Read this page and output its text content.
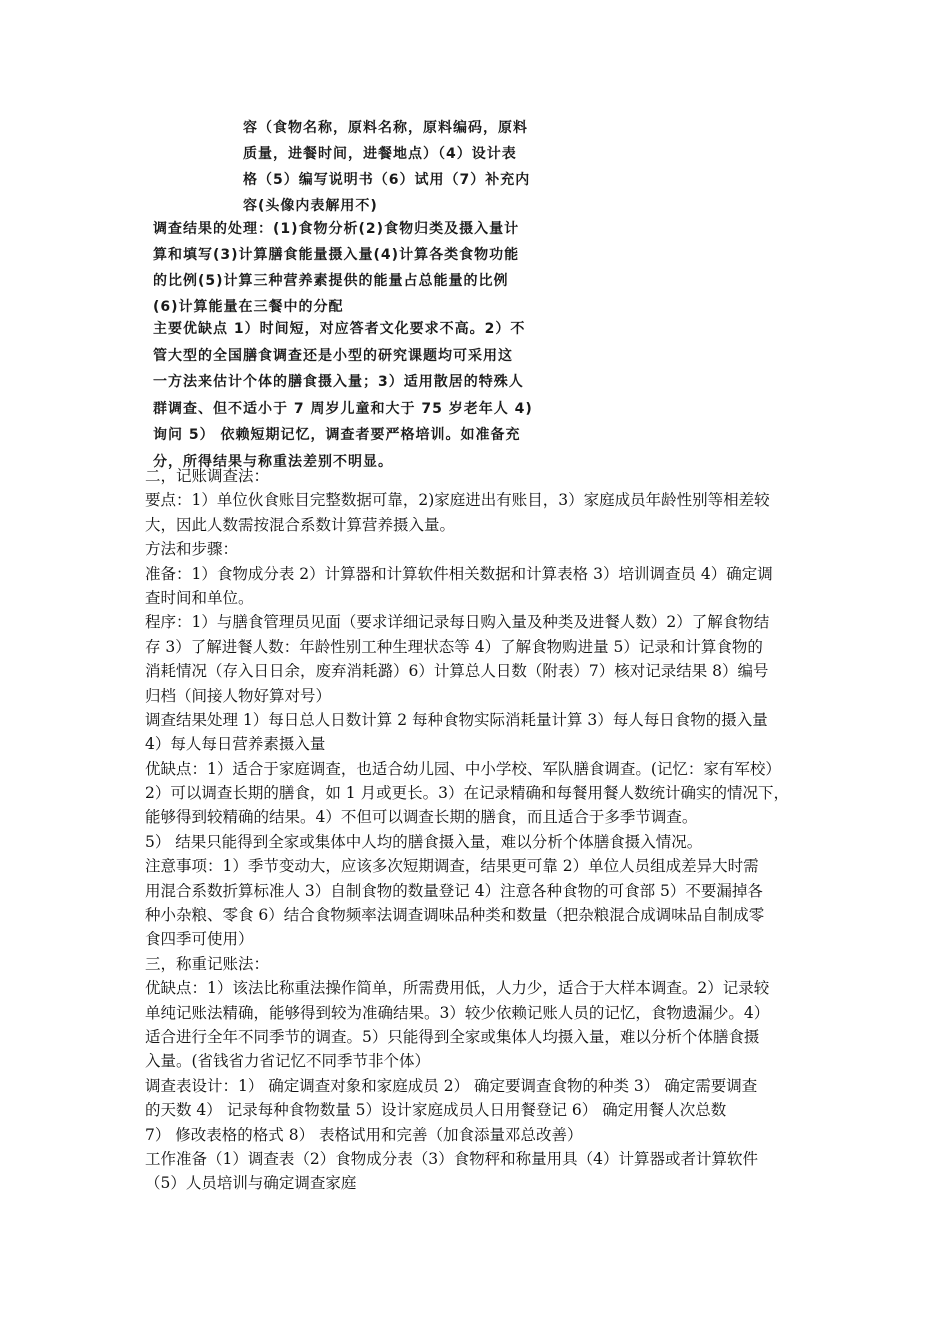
容（食物名称，原料名称，原料编码，原料
质量，进餐时间，进餐地点）（4）设计表
格（5）编写说明书（6）试用（7）补充内
容(头像内表解用不)
调查结果的处理：(1)食物分析(2)食物归类及摄入量计
算和填写(3)计算膳食能量摄入量(4)计算各类食物功能
的比例(5)计算三种营养素提供的能量占总能量的比例
(6)计算能量在三餐中的分配
主要优缺点 1）时间短，对应答者文化要求不高。2）不
管大型的全国膳食调查还是小型的研究课题均可采用这
一方法来估计个体的膳食摄入量；3）适用散居的特殊人
群调查、但不适小于 7 周岁儿童和大于 75 岁老年人 4)
询问 5） 依赖短期记忆，调查者要严格培训。如准备充
分，所得结果与称重法差别不明显。
二，记账调查法：
要点：1）单位伙食账目完整数据可靠，2)家庭进出有账目，3）家庭成员年龄性别等相差较
大，因此人数需按混合系数计算营养摄入量。
方法和步骤：
准备：1）食物成分表 2）计算器和计算软件相关数据和计算表格 3）培训调查员 4）确定调
查时间和单位。
程序：1）与膳食管理员见面（要求详细记录每日购入量及种类及进餐人数）2）了解食物结
存 3）了解进餐人数：年龄性别工种生理状态等 4）了解食物购进量 5）记录和计算食物的
消耗情况（存入日日余，废弃消耗潞）6）计算总人日数（附表）7）核对记录结果 8）编号
归档（间接人物好算对号）
调查结果处理 1）每日总人日数计算 2 每种食物实际消耗量计算 3）每人每日食物的摄入量
4）每人每日营养素摄入量
优缺点：1）适合于家庭调查，也适合幼儿园、中小学校、军队膳食调查。(记忆：家有军校）
2）可以调查长期的膳食，如 1 月或更长。3）在记录精确和每餐用餐人数统计确实的情况下，
能够得到较精确的结果。4）不但可以调查长期的膳食，而且适合于多季节调查。
5） 结果只能得到全家或集体中人均的膳食摄入量，难以分析个体膳食摄入情况。
注意事项：1）季节变动大，应该多次短期调查，结果更可靠 2）单位人员组成差异大时需
用混合系数折算标准人 3）自制食物的数量登记 4）注意各种食物的可食部 5）不要漏掉各
种小杂粮、零食 6）结合食物频率法调查调味品种类和数量（把杂粮混合成调味品自制成零
食四季可使用）
三，称重记账法：
优缺点：1）该法比称重法操作简单，所需费用低，人力少，适合于大样本调查。2）记录较
单纯记账法精确，能够得到较为准确结果。3）较少依赖记账人员的记忆，食物遗漏少。4）
适合进行全年不同季节的调查。5）只能得到全家或集体人均摄入量，难以分析个体膳食摄
入量。(省钱省力省记忆不同季节非个体）
调查表设计：1） 确定调查对象和家庭成员 2） 确定要调查食物的种类 3） 确定需要调查
的天数 4） 记录每种食物数量 5）设计家庭成员人日用餐登记 6） 确定用餐人次总数
7） 修改表格的格式 8） 表格试用和完善（加食添量邓总改善）
工作准备（1）调查表（2）食物成分表（3）食物秤和称量用具（4）计算器或者计算软件
（5）人员培训与确定调查家庭
